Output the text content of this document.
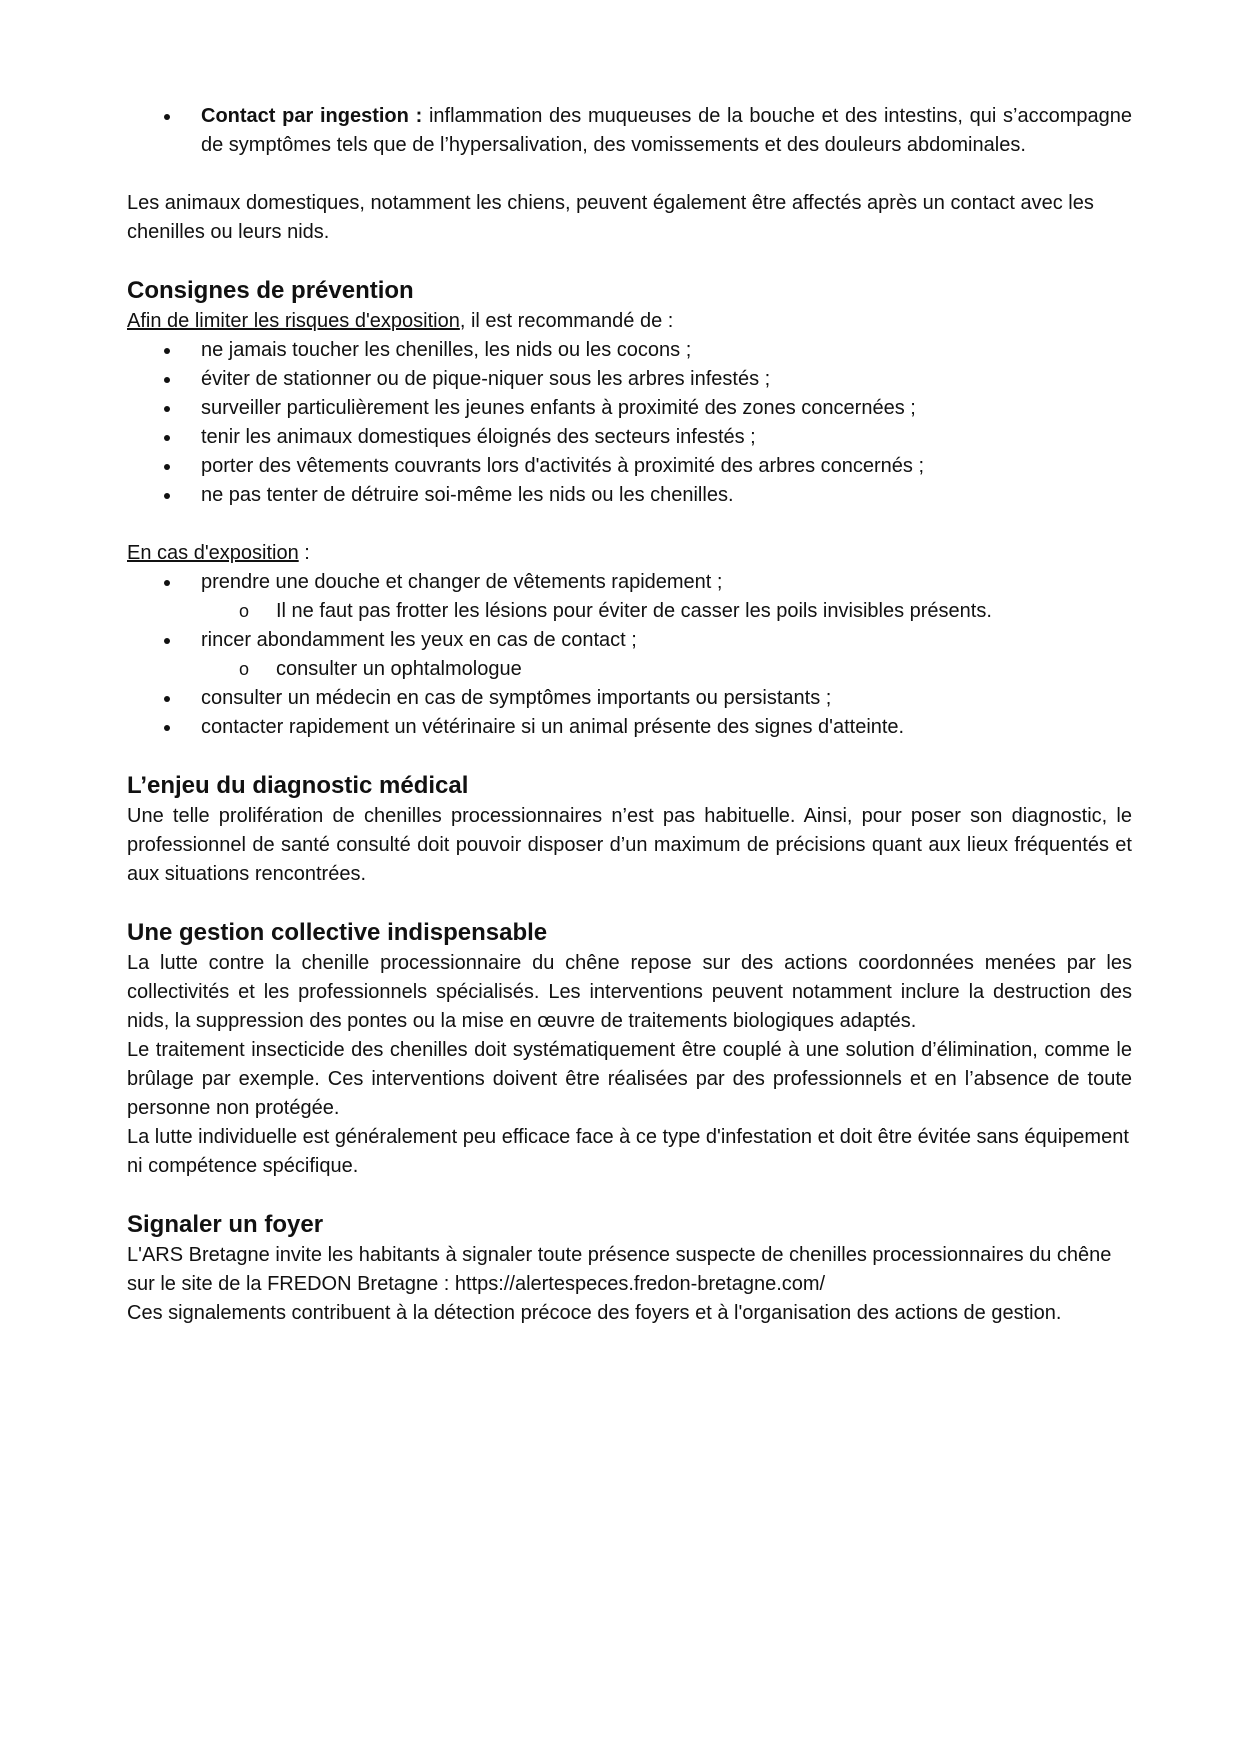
Contact par ingestion : inflammation des muqueuses de la bouche et des intestins, qui s’accompagne de symptômes tels que de l’hypersalivation, des vomissements et des douleurs abdominales.

Les animaux domestiques, notamment les chiens, peuvent également être affectés après un contact avec les chenilles ou leurs nids.

Consignes de prévention

Afin de limiter les risques d'exposition, il est recommandé de :

ne jamais toucher les chenilles, les nids ou les cocons ;
éviter de stationner ou de pique-niquer sous les arbres infestés ;
surveiller particulièrement les jeunes enfants à proximité des zones concernées ;
tenir les animaux domestiques éloignés des secteurs infestés ;
porter des vêtements couvrants lors d'activités à proximité des arbres concernés ;
ne pas tenter de détruire soi-même les nids ou les chenilles.

En cas d'exposition :

prendre une douche et changer de vêtements rapidement ;
o Il ne faut pas frotter les lésions pour éviter de casser les poils invisibles présents.
rincer abondamment les yeux en cas de contact ;
o consulter un ophtalmologue
consulter un médecin en cas de symptômes importants ou persistants ;
contacter rapidement un vétérinaire si un animal présente des signes d'atteinte.
L’enjeu du diagnostic médical

Une telle prolifération de chenilles processionnaires n’est pas habituelle. Ainsi, pour poser son diagnostic, le professionnel de santé consulté doit pouvoir disposer d’un maximum de précisions quant aux lieux fréquentés et aux situations rencontrées.

Une gestion collective indispensable

La lutte contre la chenille processionnaire du chêne repose sur des actions coordonnées menées par les collectivités et les professionnels spécialisés. Les interventions peuvent notamment inclure la destruction des nids, la suppression des pontes ou la mise en œuvre de traitements biologiques adaptés.

Le traitement insecticide des chenilles doit systématiquement être couplé à une solution d’élimination, comme le brûlage par exemple. Ces interventions doivent être réalisées par des professionnels et en l’absence de toute personne non protégée.

La lutte individuelle est généralement peu efficace face à ce type d'infestation et doit être évitée sans équipement ni compétence spécifique.

Signaler un foyer

L'ARS Bretagne invite les habitants à signaler toute présence suspecte de chenilles processionnaires du chêne sur le site de la FREDON Bretagne : https://alertespeces.fredon-bretagne.com/

Ces signalements contribuent à la détection précoce des foyers et à l'organisation des actions de gestion.
